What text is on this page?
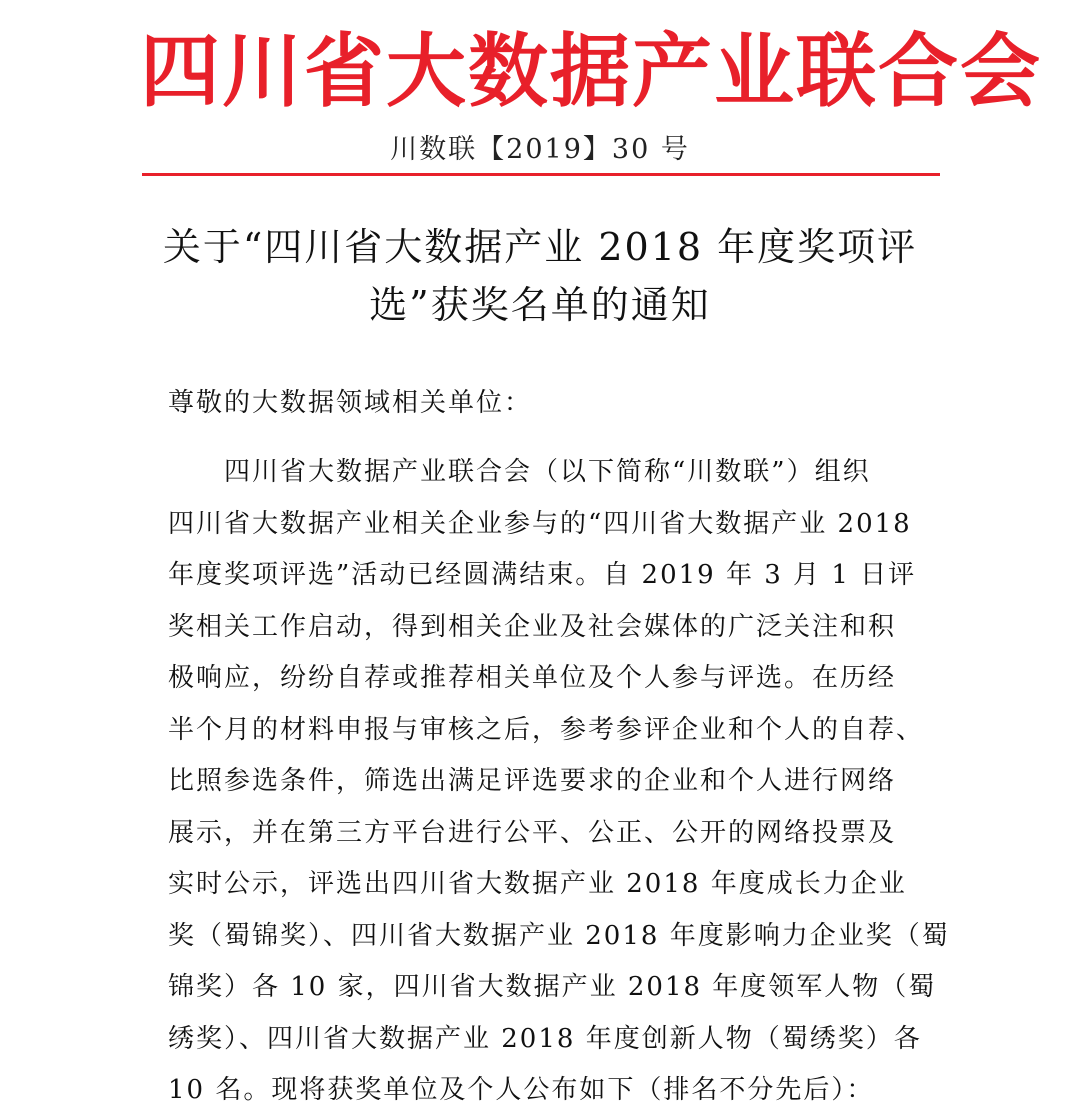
四川省大数据产业联合会
川数联【2019】30 号
关于“四川省大数据产业 2018 年度奖项评
选”获奖名单的通知
尊敬的大数据领域相关单位：
四川省大数据产业联合会（以下简称“川数联”）组织
四川省大数据产业相关企业参与的“四川省大数据产业 2018
年度奖项评选”活动已经圆满结束。自 2019 年 3 月 1 日评
奖相关工作启动，得到相关企业及社会媒体的广泛关注和积
极响应，纷纷自荐或推荐相关单位及个人参与评选。在历经
半个月的材料申报与审核之后，参考参评企业和个人的自荐、
比照参选条件，筛选出满足评选要求的企业和个人进行网络
展示，并在第三方平台进行公平、公正、公开的网络投票及
实时公示，评选出四川省大数据产业 2018 年度成长力企业
奖（蜀锦奖）、四川省大数据产业 2018 年度影响力企业奖（蜀
锦奖）各 10 家，四川省大数据产业 2018 年度领军人物（蜀
绣奖）、四川省大数据产业 2018 年度创新人物（蜀绣奖）各
10 名。现将获奖单位及个人公布如下（排名不分先后）：
